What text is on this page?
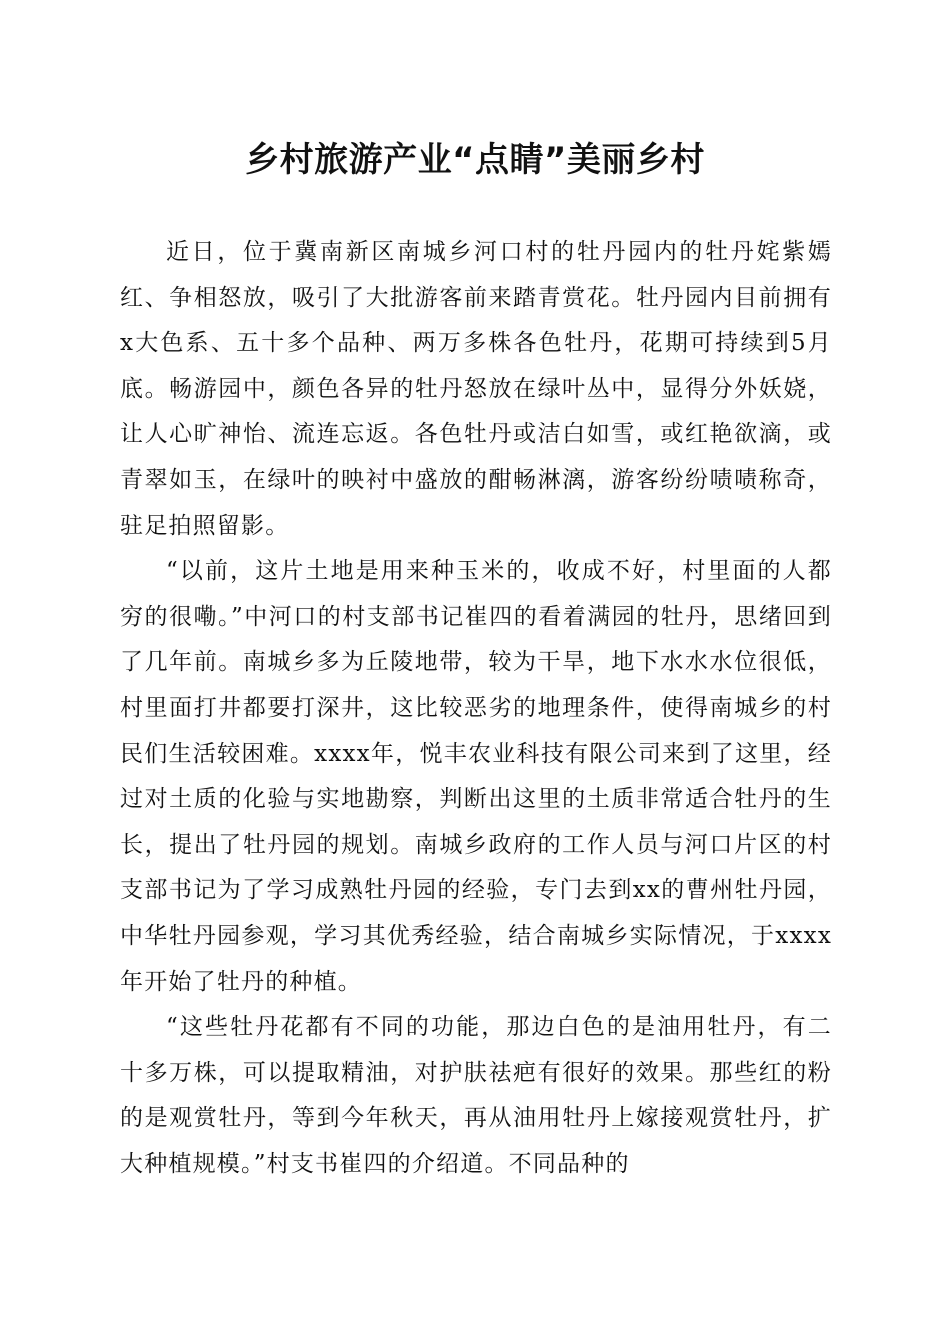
乡村旅游产业“点睛”美丽乡村

近日，位于冀南新区南城乡河口村的牡丹园内的牡丹姹紫嫣红、争相怒放，吸引了大批游客前来踏青赏花。牡丹园内目前拥有x大色系、五十多个品种、两万多株各色牡丹，花期可持续到5月底。畅游园中，颜色各异的牡丹怒放在绿叶丛中，显得分外妖娆，让人心旷神怡、流连忘返。各色牡丹或洁白如雪，或红艳欲滴，或青翠如玉，在绿叶的映衬中盛放的酣畅淋漓，游客纷纷啧啧称奇，驻足拍照留影。

“以前，这片土地是用来种玉米的，收成不好，村里面的人都穷的很嘞。”中河口的村支部书记崔四的看着满园的牡丹，思绪回到了几年前。南城乡多为丘陵地带，较为干旱，地下水水水位很低，村里面打井都要打深井，这比较恶劣的地理条件，使得南城乡的村民们生活较困难。xxxx年，悦丰农业科技有限公司来到了这里，经过对土质的化验与实地勘察，判断出这里的土质非常适合牡丹的生长，提出了牡丹园的规划。南城乡政府的工作人员与河口片区的村支部书记为了学习成熟牡丹园的经验，专门去到xx的曹州牡丹园，中华牡丹园参观，学习其优秀经验，结合南城乡实际情况，于xxxx年开始了牡丹的种植。

“这些牡丹花都有不同的功能，那边白色的是油用牡丹，有二十多万株，可以提取精油，对护肤祛疤有很好的效果。那些红的粉的是观赏牡丹，等到今年秋天，再从油用牡丹上嫁接观赏牡丹，扩大种植规模。”村支书崔四的介绍道。不同品种的
